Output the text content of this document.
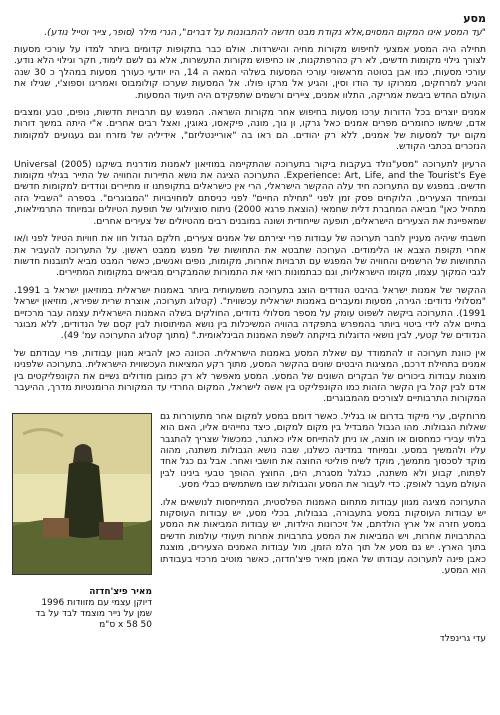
מסע

"עד המסע אינו המקום המסוים,אלא נקודת מבט חדשה להתבוננות על דברים", הנרי מילר (סופר, צייר וטייל נודע).

תחילה היה המסע אמצעי לחיפוש מקורות מחיה והישרדות. אולם כבר בתקופות קדומים ביותר למדו על עורכי מסעות לצורך גילוי מקומות חדשים, לא רק כהרפתקנות, או כחיפוש מקורות התעשרות, אלא גם לשם לימוד, חקר וגילוי הלא נודע. עורכי מסעות, כמו אבן בטוטה מראשוני עורכי המסעות בשלהי המאה ה 14, היו יודעי כעורך מסעות במהלך כ 30 שנה והגיע למרחקים, ממרוקו עד הודו וסין, והגיע אל מרקו פולו. אל המסעות שערכו קולומבוס ואמריגו וספוצ'י, שגילו את העולם החדש ביבשת אמריקה, התלוו אמנים, ציירים ורשמים שתפקידם היה תיעוד המסעות.

אמנים יוצרים בכל הדורות ערכו מסעות בחיפוש אחר מקורות השראה. המפגש עם תרבויות חדשות, נופים, טבע ומצבים אדם, שימשו כחומרים מפרים אמנים כאל גרקו, ון גוך, מונה, פיקאסו, גאוגין, ואצל רבים אחרים. א"י היתה במשך דורות מקום יעד למסעות של אמנים, ללא רק יהודים. הם ראו בה "אוריינטליזם", אידיליה של מזרח וגם געגועים למקומות הנזכרים בכתבי הקודש.

הרעיון לתערוכה "מסע"נולד בעקבות ביקור בתערוכה שהתקיימה במוזיאון לאמנות מודרנית בשיקגו (2005) Universal Experience: Art, Life, and the Tourist's Eye. התערוכה הציגה את נושא התיירות והחוויה של התייר בגילוי מקומות חדשים. במפגש עם התערוכה חיד עלה ההקשר הישראלי, הרי אין כישראלים בתקופתנו זו מתיירים ונודדים למקומות חדשים ובמיוחד הצעירים, הלוקחים פסק זמן לפני "תחילת החיים" לפני כניסתם למחויבויות "המבוגרים". בספרה "השביל הזה מתחיל כאן" מביאה המחברת דלית שחמאי (הוצאת פרגא 2000) ניתוח סוציולוגי של תופעת הטיולים ובמיוחד התרמילאות, שמאפיינת את הצעירים הישראלים, תופעה שייחודית ושונה במובנים רבים מהטיולים של צעירים אחרים.

חשבתי שיהיה מעניין לחבר תערוכה של עבודות פרי יצירתם של אמנים צעירים, חלקם הגדול חוו את חוויות הטיול לפני ו/או אחרי תקופת הצבא או הלימודים. הערוכה שתבטא את התחושות של מפגש ממבט ראשון. על התערוכה להעביר את התחושות של הרשמים והחוויה של המפגש עם תרבויות אחרות, מקומות, נופים ואנשים, כאשר המבט מביא לתובנות חדשות לגבי המקוך עצמו, מקומו הישראליות, וגם כבתמונות רואי את התמורות שהמבקרים מביאים במקומות המתיירים.

ההקשר של אמנות ישראל בהיבט הנודדים הוצג בתערוכה משמעותית ביותר באמנות ישראלית במוזיאון ישראל ב 1991. "מסלולי נדודים: הגירה, מסעות ומעברים באמנות ישראלית עכשווית". (קטלוג תערוכה, אוצרת שרית שפירא, מוזיאון ישראל 1991). התערוכה ביקשה לשפוט עומק על מספר מסלולי נדודים, החולקים בשלה האמנות הישראלית עצמה עבר מרכזיים בתיים אלה לידי ביטוי ביותר בהמפרש בתפקדה בהוויה המשיכלות בין נושא המיתוסות לבין קסם של הנדודים, ללא מבוגר הנדודים של קטעי, לבין נושאי הדוגלות בזיקתה לשפת האמנות הבינלאומית." (מתוך קטלוג התערוכה עמ' 49).

אין כוונת תערוכה זו להתמודד עם שאלת המסע באמנות הישראלית. הכוונה כאן להביא מגוון עבודות, פרי עבודתם של אמנים בתחילת דרכם, המציגות היבטים שונים בהקשר המסע, מתוך רקע המציאות העכשווית הישראלית. בתערוכה שלפנינו מוצגות עבודות ביכורים של הבקרים השונים של המסע. המסע מאפשר לא רק כמובן מודולים נשיים את הקונפליקטים בין אדם לבין קהל בין הקשר הזהות כמו הקונפליקט בין אשה לישראל, המקום החרדי עד המקורות הרומנטיות מדרך, ההיעבר המקורות התרבותיים לצורכים מהמבוגרים.

מאיר פיצ'חדזה
דיוקן עצמי עם מזוודות 1996
שמן על נייר מוצמד לבד על בד
50 x 58 ס"מ

מרוחקים, ערי מיקוד בדרום או בגליל. כאשר דומם במסע למקום אחר מתעוררות גם שאלות הגבולות. מהו הגבול המבדיל בין מקום למקום, כיצד נחייהים אליו, האם הוא בלתי עבירי כמחסום או חוצה, או ניתן להתייחס אליו כאתגר, כמכשול שצריך להתגבר עליו ולהמשיך במסע. ובמיוחד במדינה כשלנו, שבה נושא הגבולות משתנה, מהוה מוקד לסכסוך מתמשך, מוקד לשיח פוליטי החוצה את חושבי ואחר. אבל גם כגל אחד לפתוח, קבוע ולא משתנה, כגלגל מסגרת, הים, החוצץ ההופך טבעי בינינו לבין העולם מעבר לאופק. כדי לעבור את המסע והגבולות שבו משתמשים כבלי מסע.

התערוכה מציגה מגוון עבודות מתחום האמנות הפלסטית, המתייחסות לנושאים אלו. יש עבודות העוסקות במסע בתעבורה, בגבולות, בכלי מסע, יש עבודות העוסקות במסע חזרה אל ארץ הולדתם, אל זיכרונות הילדות, יש עבודות המביאות את המסע בהתרבויות אחרות, ויש המביאות את המסע בתרבויות אחרות תיעודי עולמות חדשים בתוך הארץ. יש גם מסע אל תוך הלמ הזמן, מול עבודות האמנים הצעירים, מוצגת כאבן פינה לתערוכה עבודתו של האמן מאיר פיצ'חדזה, כאשר מוטיב מרכזי בעבודתו הוא המסע.

עדי גרינפלד
